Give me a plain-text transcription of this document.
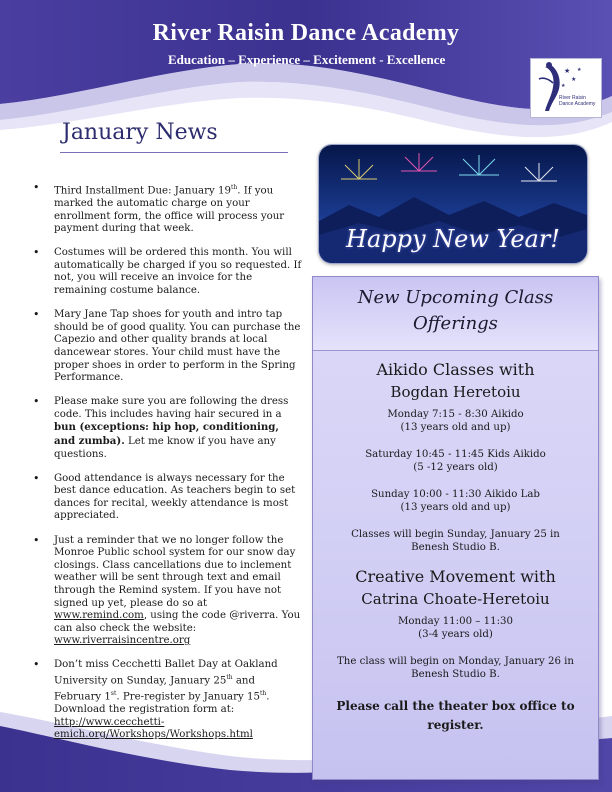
River Raisin Dance Academy
Education – Experience – Excitement - Excellence
★
★
★
★
River Raisin Dance Academy
January News
• Third Installment Due: January 19th. If you marked the automatic charge on your enrollment form, the office will process your payment during that week.
• Costumes will be ordered this month. You will automatically be charged if you so requested. If not, you will receive an invoice for the remaining costume balance.
• Mary Jane Tap shoes for youth and intro tap should be of good quality. You can purchase the Capezio and other quality brands at local dancewear stores. Your child must have the proper shoes in order to perform in the Spring Performance.
• Please make sure you are following the dress code. This includes having hair secured in a bun (exceptions: hip hop, conditioning, and zumba). Let me know if you have any questions.
• Good attendance is always necessary for the best dance education. As teachers begin to set dances for recital, weekly attendance is most appreciated.
• Just a reminder that we no longer follow the Monroe Public school system for our snow day closings. Class cancellations due to inclement weather will be sent through text and email through the Remind system. If you have not signed up yet, please do so at www.remind.com, using the code @riverra. You can also check the website: www.riverraisincentre.org
• Don’t miss Cecchetti Ballet Day at Oakland University on Sunday, January 25th and February 1st. Pre-register by January 15th. Download the registration form at: http://www.cecchetti-emich.org/Workshops/Workshops.html
Happy New Year!
New Upcoming Class
Offerings
Aikido Classes with
Bogdan Heretoiu
Monday 7:15 - 8:30 Aikido
(13 years old and up)
Saturday 10:45 - 11:45 Kids Aikido
(5 -12 years old)
Sunday 10:00 - 11:30 Aikido Lab
(13 years old and up)
Classes will begin Sunday, January 25 in
Benesh Studio B.
Creative Movement with
Catrina Choate-Heretoiu
Monday 11:00 – 11:30
(3-4 years old)
The class will begin on Monday, January 26 in
Benesh Studio B.
Please call the theater box office to
register.
